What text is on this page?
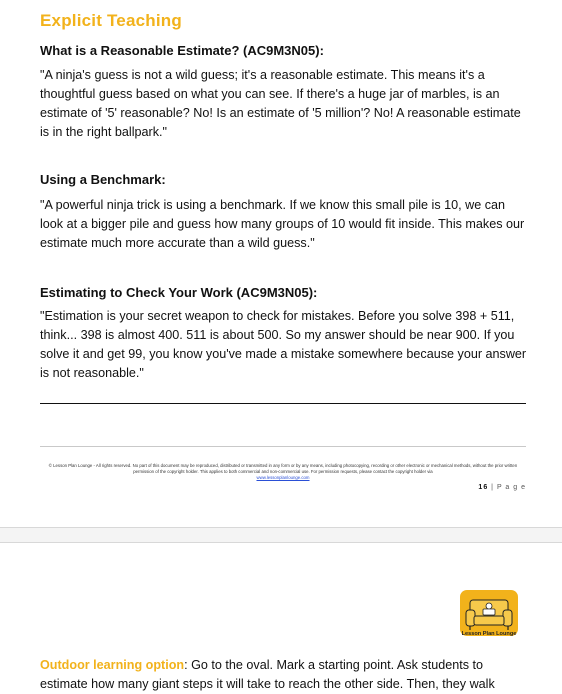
Explicit Teaching
What is a Reasonable Estimate? (AC9M3N05):
"A ninja's guess is not a wild guess; it's a reasonable estimate. This means it's a thoughtful guess based on what you can see. If there's a huge jar of marbles, is an estimate of '5' reasonable? No! Is an estimate of '5 million'? No! A reasonable estimate is in the right ballpark."
Using a Benchmark:
"A powerful ninja trick is using a benchmark. If we know this small pile is 10, we can look at a bigger pile and guess how many groups of 10 would fit inside. This makes our estimate much more accurate than a wild guess."
Estimating to Check Your Work (AC9M3N05):
"Estimation is your secret weapon to check for mistakes. Before you solve 398 + 511, think... 398 is almost 400. 511 is about 500. So my answer should be near 900. If you solve it and get 99, you know you've made a mistake somewhere because your answer is not reasonable."
© Lesson Plan Lounge - All rights reserved. No part of this document may be reproduced, distributed or transmitted in any form or by any means, including photocopying, recording or other electronic or mechanical methods, without the prior written permission of the copyright holder. This applies to both commercial and non-commercial use. For permission requests, please contact the copyright holder via
www.lessonplanlounge.com
16 | P a g e
Lesson Plan Lounge
Outdoor learning option: Go to the oval. Mark a starting point. Ask students to estimate how many giant steps it will take to reach the other side. Then, they walk
